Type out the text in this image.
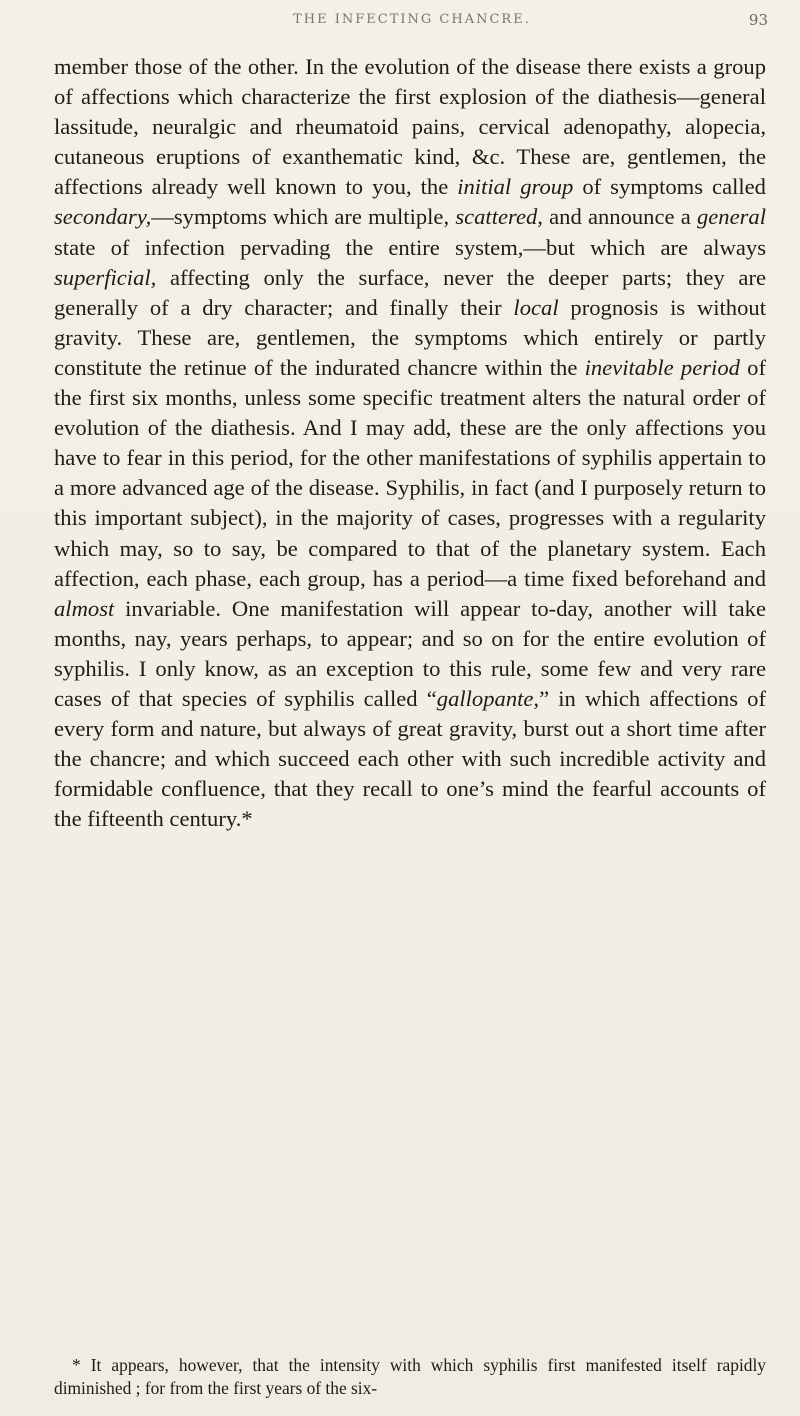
THE INFECTING CHANCRE.	93

member those of the other. In the evolution of the disease there exists a group of affections which characterize the first explosion of the diathesis—general lassitude, neuralgic and rheumatoid pains, cervical adenopathy, alopecia, cutaneous eruptions of exanthematic kind, &c. These are, gentlemen, the affections already well known to you, the initial group of symptoms called secondary,—symptoms which are multiple, scattered, and announce a general state of infection pervading the entire system,—but which are always superficial, affecting only the surface, never the deeper parts; they are generally of a dry character; and finally their local prognosis is without gravity. These are, gentlemen, the symptoms which entirely or partly constitute the retinue of the indurated chancre within the inevitable period of the first six months, unless some specific treatment alters the natural order of evolution of the diathesis. And I may add, these are the only affections you have to fear in this period, for the other manifestations of syphilis appertain to a more advanced age of the disease. Syphilis, in fact (and I purposely return to this important subject), in the majority of cases, progresses with a regularity which may, so to say, be compared to that of the planetary system. Each affection, each phase, each group, has a period—a time fixed beforehand and almost invariable. One manifestation will appear to-day, another will take months, nay, years perhaps, to appear; and so on for the entire evolution of syphilis. I only know, as an exception to this rule, some few and very rare cases of that species of syphilis called “gallopante,” in which affections of every form and nature, but always of great gravity, burst out a short time after the chancre; and which succeed each other with such incredible activity and formidable confluence, that they recall to one’s mind the fearful accounts of the fifteenth century.*

* It appears, however, that the intensity with which syphilis first manifested itself rapidly diminished ; for from the first years of the six-
